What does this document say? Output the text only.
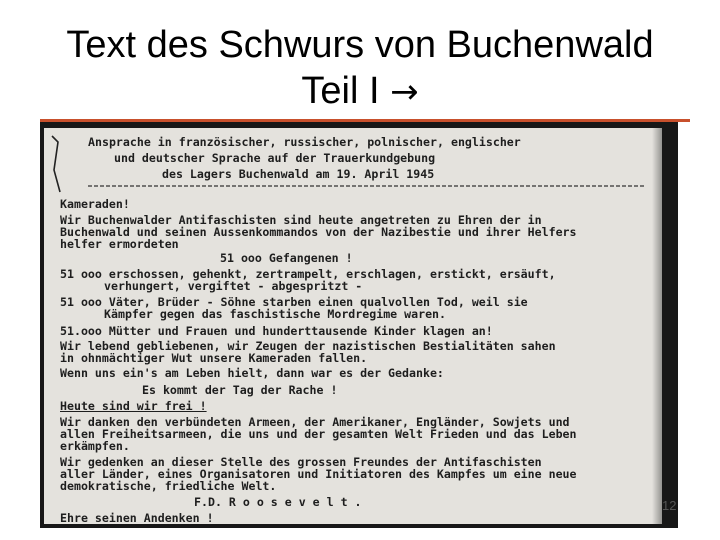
Text des Schwurs von Buchenwald
Teil I →
Ansprache in französischer, russischer, polnischer, englischer
und deutscher Sprache auf der Trauerkundgebung
des Lagers Buchenwald am 19. April 1945
Kameraden!
Wir Buchenwalder Antifaschisten sind heute angetreten zu Ehren der in
Buchenwald und seinen Aussenkommandos von der Nazibestie und ihrer Helfers
helfer ermordeten
51 ooo Gefangenen !
51 ooo erschossen, gehenkt, zertrampelt, erschlagen, erstickt, ersäuft,
verhungert, vergiftet - abgespritzt -
51 ooo Väter, Brüder - Söhne starben einen qualvollen Tod, weil sie
Kämpfer gegen das faschistische Mordregime waren.
51.ooo Mütter und Frauen und hunderttausende Kinder klagen an!
Wir lebend gebliebenen, wir Zeugen der nazistischen Bestialitäten sahen
in ohnmächtiger Wut unsere Kameraden fallen.
Wenn uns ein's am Leben hielt, dann war es der Gedanke:
Es kommt der Tag der Rache !
Heute sind wir frei !
Wir danken den verbündeten Armeen, der Amerikaner, Engländer, Sowjets und
allen Freiheitsarmeen, die uns und der gesamten Welt Frieden und das Leben
erkämpfen.
Wir gedenken an dieser Stelle des grossen Freundes der Antifaschisten
aller Länder, eines Organisatoren und Initiatoren des Kampfes um eine neue
demokratische, friedliche Welt.
F.D. R o o s e v e l t .
Ehre seinen Andenken !
12
